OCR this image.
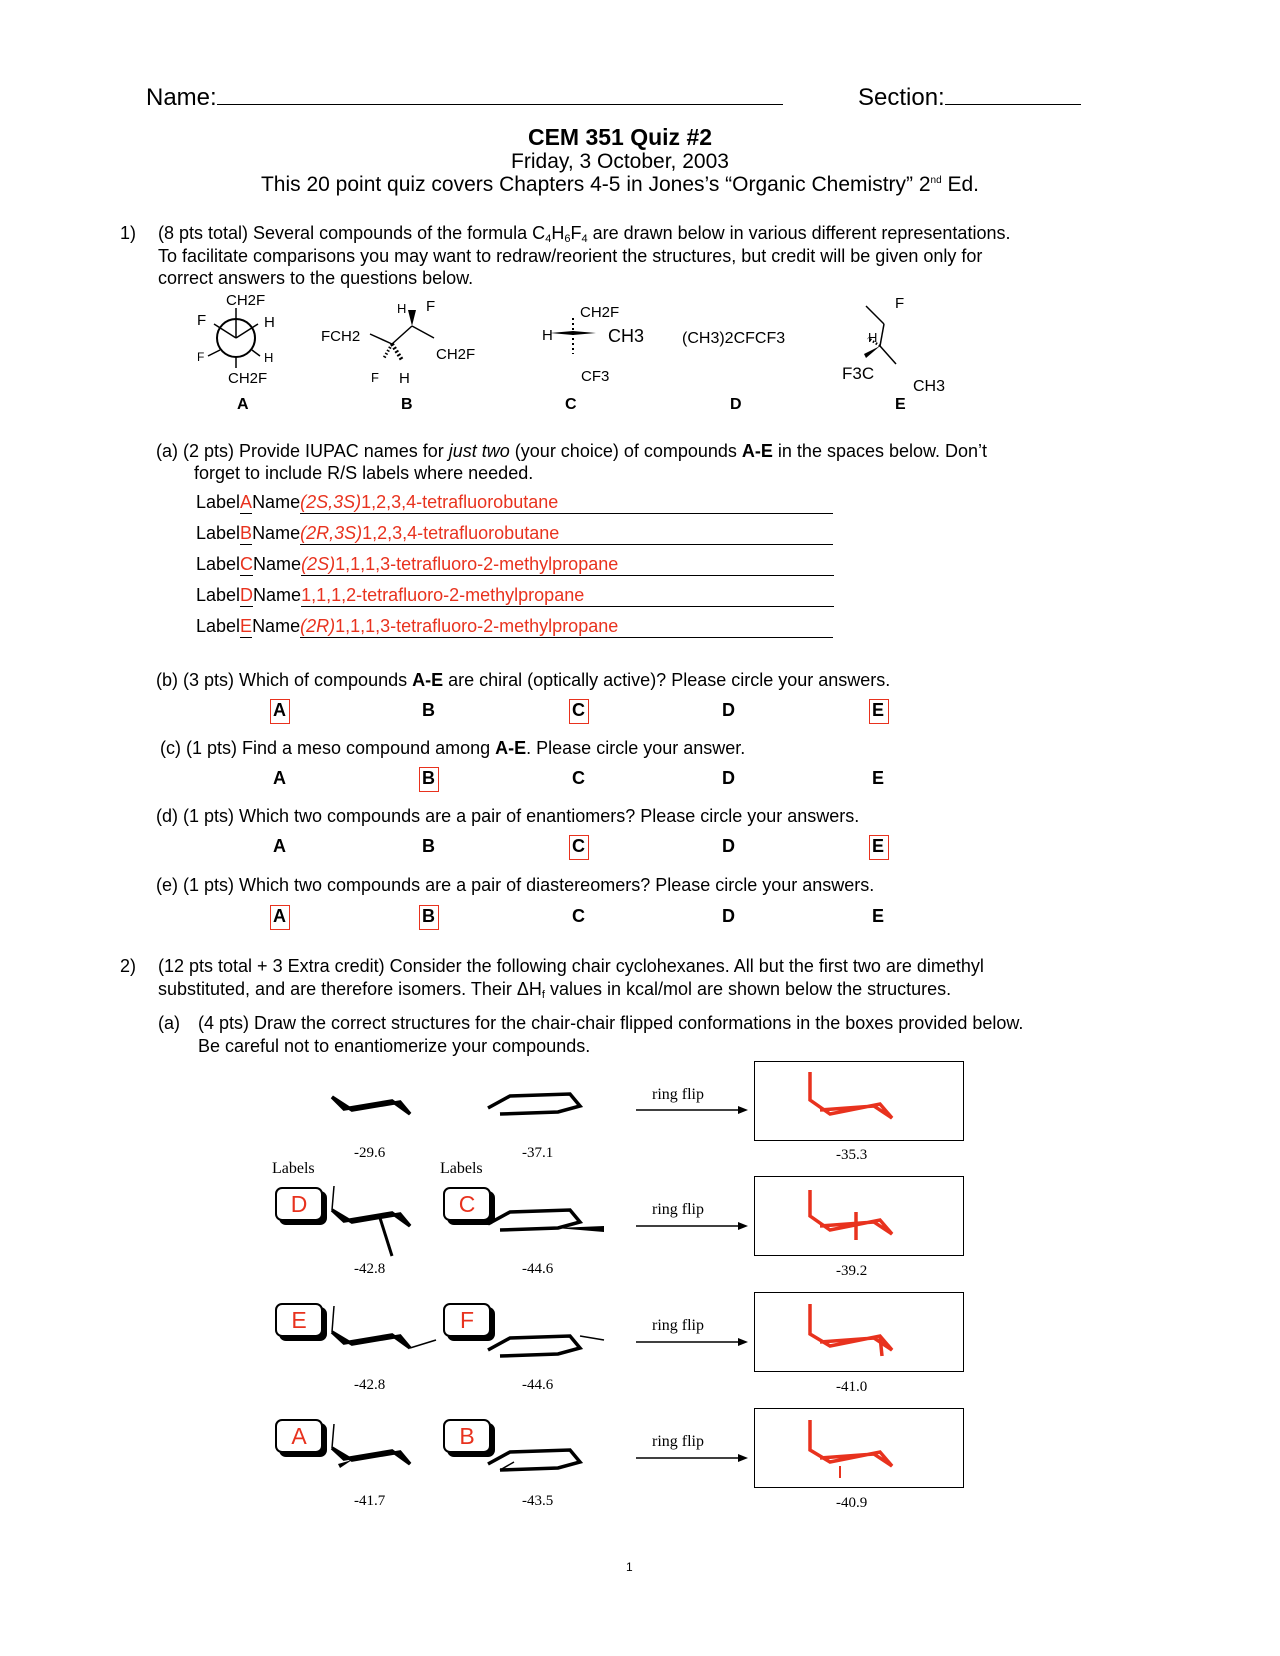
Name:	Section:
CEM 351 Quiz #2
Friday, 3 October, 2003
This 20 point quiz covers Chapters 4-5 in Jones’s “Organic Chemistry” 2nd Ed.
1) (8 pts total) Several compounds of the formula $C_4H_6F_4$ are drawn below in various different representations.
To facilitate comparisons you may want to redraw/reorient the structures, but credit will be given only for
correct answers to the questions below.
CH2F
F	H
F	H
CH2F
H F
FCH2
CH2F
F H
CH2F
H	CH3
CF3
(CH3)2CFCF3
F
H
F3C
CH3
A	B	C	D	E
(a) (2 pts) Provide IUPAC names for just two (your choice) of compounds A-E in the spaces below. Don’t
forget to include R/S labels where needed.
LabelAName(2S,3S)1,2,3,4-tetrafluorobutane
LabelBName(2R,3S)1,2,3,4-tetrafluorobutane
LabelCName(2S)1,1,1,3-tetrafluoro-2-methylpropane
LabelDName1,1,1,2-tetrafluoro-2-methylpropane
LabelEName(2R)1,1,1,3-tetrafluoro-2-methylpropane
(b) (3 pts) Which of compounds A-E are chiral (optically active)? Please circle your answers.
(c) (1 pts) Find a meso compound among A-E. Please circle your answer.
(d) (1 pts) Which two compounds are a pair of enantiomers? Please circle your answers.
(e) (1 pts) Which two compounds are a pair of diastereomers? Please circle your answers.
A	B	C	D	E
A	B	C	D	E
A	B	C	D	E
A	B	C	D	E
2) (12 pts total + 3 Extra credit) Consider the following chair cyclohexanes. All but the first two are dimethyl
substituted, and are therefore isomers. Their $\Delta H_f$ values in kcal/mol are shown below the structures.
(a) (4 pts) Draw the correct structures for the chair-chair flipped conformations in the boxes provided below.
Be careful not to enantiomerize your compounds.
ring flip
ring flip
ring flip
ring flip
Labels	Labels
D	C
E	F
A	B
-29.6	-37.1	-35.3
-42.8	-44.6	-39.2
-42.8	-44.6	-41.0
-41.7	-43.5	-40.9
1
